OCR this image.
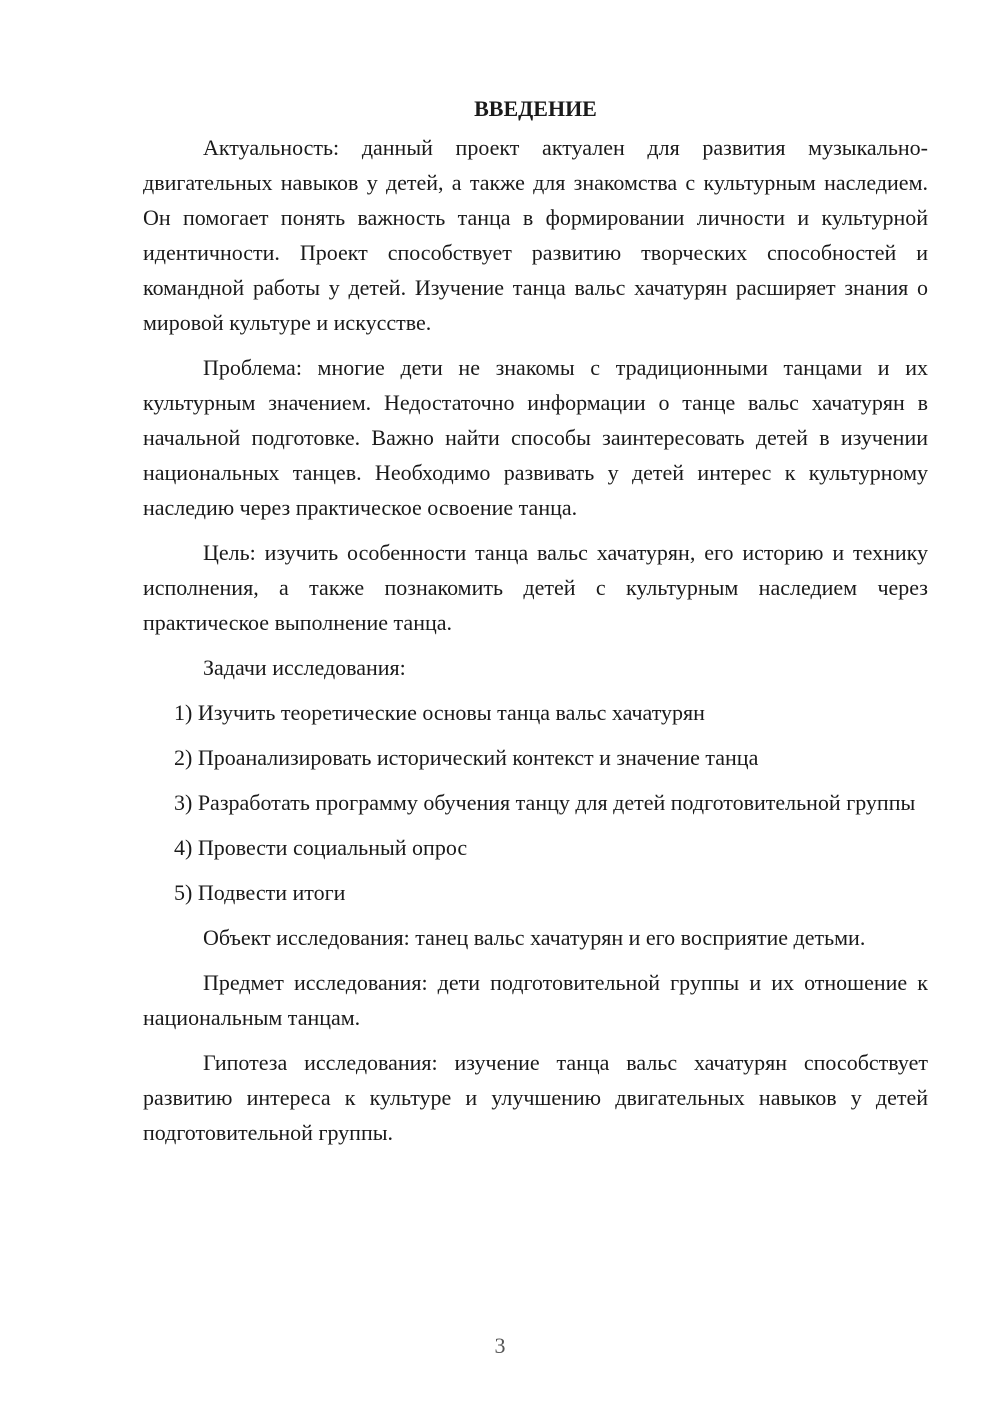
ВВЕДЕНИЕ

Актуальность: данный проект актуален для развития музыкально-двигательных навыков у детей, а также для знакомства с культурным наследием. Он помогает понять важность танца в формировании личности и культурной идентичности. Проект способствует развитию творческих способностей и командной работы у детей. Изучение танца вальс хачатурян расширяет знания о мировой культуре и искусстве.

Проблема: многие дети не знакомы с традиционными танцами и их культурным значением. Недостаточно информации о танце вальс хачатурян в начальной подготовке. Важно найти способы заинтересовать детей в изучении национальных танцев. Необходимо развивать у детей интерес к культурному наследию через практическое освоение танца.

Цель: изучить особенности танца вальс хачатурян, его историю и технику исполнения, а также познакомить детей с культурным наследием через практическое выполнение танца.

Задачи исследования:

1) Изучить теоретические основы танца вальс хачатурян

2) Проанализировать исторический контекст и значение танца

3) Разработать программу обучения танцу для детей подготовительной группы

4) Провести социальный опрос

5) Подвести итоги

Объект исследования: танец вальс хачатурян и его восприятие детьми.

Предмет исследования: дети подготовительной группы и их отношение к национальным танцам.

Гипотеза исследования: изучение танца вальс хачатурян способствует развитию интереса к культуре и улучшению двигательных навыков у детей подготовительной группы.

3
